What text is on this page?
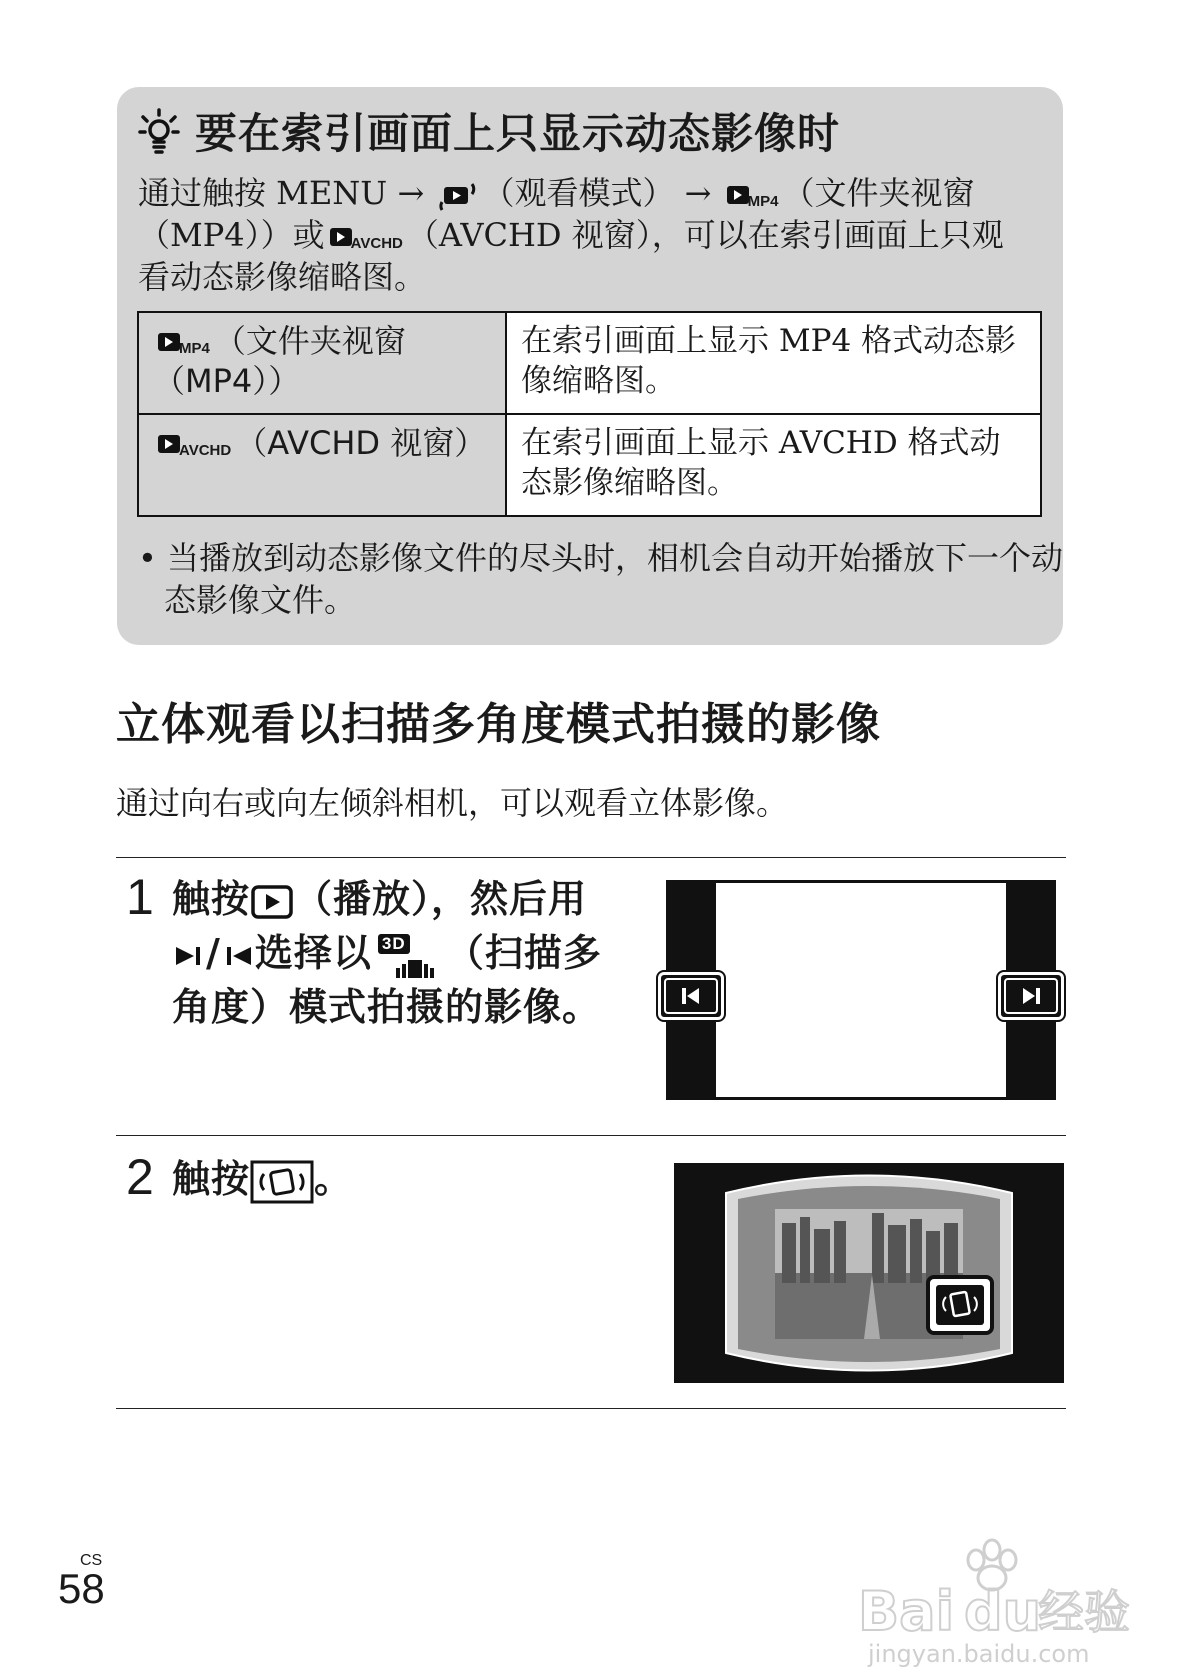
要在索引画面上只显示动态影像时
通过触按 MENU → （观看模式） → MP4 （文件夹视窗
（MP4））或 AVCHD （AVCHD 视窗），可以在索引画面上只观
看动态影像缩略图。
MP4 （文件夹视窗（MP4））	在索引画面上显示 MP4 格式动态影像缩略图。

AVCHD （AVCHD 视窗）	在索引画面上显示 AVCHD 格式动态影像缩略图。
• 当播放到动态影像文件的尽头时，相机会自动开始播放下一个动态影像文件。
立体观看以扫描多角度模式拍摄的影像
通过向右或向左倾斜相机，可以观看立体影像。
1 触按 （播放），然后用
/ 选择以 3D （扫描多
角度）模式拍摄的影像。
2 触按 。
CS
58	Bai du
经验
jingyan.baidu.com
